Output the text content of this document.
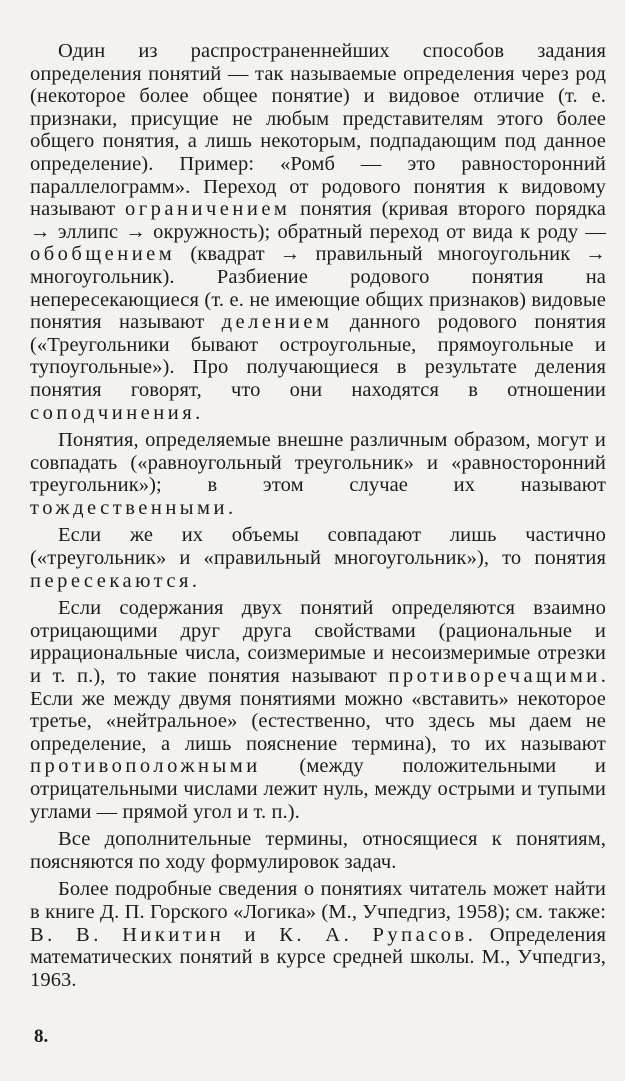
Один из распространеннейших способов задания определения понятий — так называемые определения через род (некоторое более общее понятие) и видовое отличие (т. е. признаки, присущие не любым представителям этого более общего понятия, а лишь некоторым, подпадающим под данное определение). Пример: «Ромб — это равносторонний параллелограмм». Переход от родового понятия к видовому называют ограничением понятия (кривая второго порядка → эллипс → окружность); обратный переход от вида к роду — обобщением (квадрат → правильный многоугольник → многоугольник). Разбиение родового понятия на непересекающиеся (т. е. не имеющие общих признаков) видовые понятия называют делением данного родового понятия («Треугольники бывают остроугольные, прямоугольные и тупоугольные»). Про получающиеся в результате деления понятия говорят, что они находятся в отношении соподчинения.

Понятия, определяемые внешне различным образом, могут и совпадать («равноугольный треугольник» и «равносторонний треугольник»); в этом случае их называют тождественными.

Если же их объемы совпадают лишь частично («треугольник» и «правильный многоугольник»), то понятия пересекаются.

Если содержания двух понятий определяются взаимно отрицающими друг друга свойствами (рациональные и иррациональные числа, соизмеримые и несоизмеримые отрезки и т. п.), то такие понятия называют противоречащими. Если же между двумя понятиями можно «вставить» некоторое третье, «нейтральное» (естественно, что здесь мы даем не определение, а лишь пояснение термина), то их называют противоположными (между положительными и отрицательными числами лежит нуль, между острыми и тупыми углами — прямой угол и т. п.).

Все дополнительные термины, относящиеся к понятиям, поясняются по ходу формулировок задач.

Более подробные сведения о понятиях читатель может найти в книге Д. П. Горского «Логика» (М., Учпедгиз, 1958); см. также: В. В. Никитин и К. А. Рупасов. Определения математических понятий в курсе средней школы. М., Учпедгиз, 1963.

8.
